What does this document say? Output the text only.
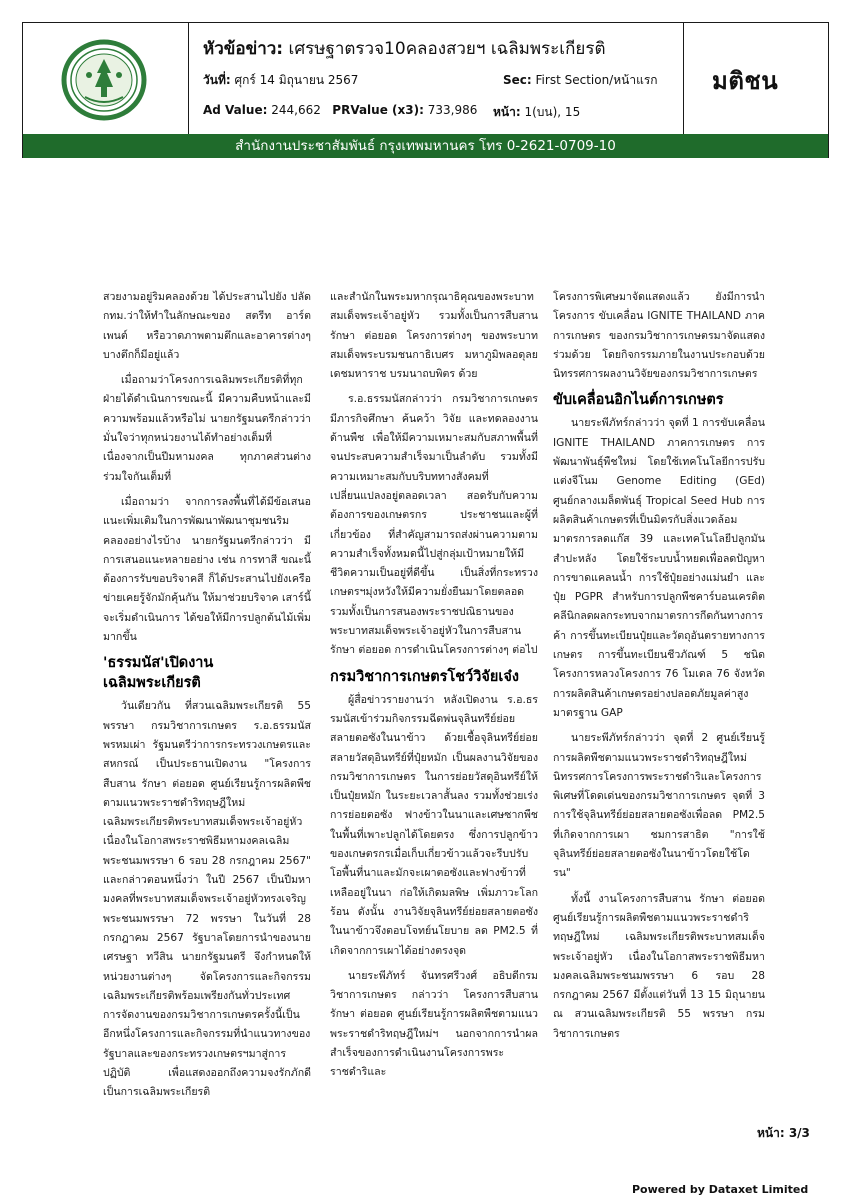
หัวข้อข่าว: เศรษฐาตรวจ10คลองสวยฯ เฉลิมพระเกียรติ
วันที่: ศุกร์ 14 มิถุนายน 2567	Sec: First Section/หน้าแรก
Ad Value: 244,662 PRValue (x3): 733,986 หน้า: 1(บน), 15
มติชน
สำนักงานประชาสัมพันธ์ กรุงเทพมหานคร โทร 0-2621-0709-10

สวยงามอยู่ริมคลองด้วย ได้ประสานไปยัง ปลัด กทม.ว่าให้ทำในลักษณะของ สตรีท อาร์ต เพนต์ หรือวาดภาพตามตึกและอาคารต่างๆ บางตึกก็มีอยู่แล้ว

เมื่อถามว่าโครงการเฉลิมพระเกียรติที่ทุกฝ่ายได้ดำเนินการขณะนี้ มีความคืบหน้าและมีความพร้อมแล้วหรือไม่ นายกรัฐมนตรีกล่าวว่า มั่นใจว่าทุกหน่วยงานได้ทำอย่างเต็มที่ เนื่องจากเป็นปีมหามงคล ทุกภาคส่วนต่างร่วมใจกันเต็มที่

เมื่อถามว่า จากการลงพื้นที่ได้มีข้อเสนอแนะเพิ่มเติมในการพัฒนาพัฒนาชุมชนริมคลองอย่างไรบ้าง นายกรัฐมนตรีกล่าวว่า มีการเสนอแนะหลายอย่าง เช่น การทาสี ขณะนี้ต้องการรับขอบริจาคสี ก็ได้ประสานไปยังเครือข่ายเคยรู้จักมักคุ้นกัน ให้มาช่วยบริจาค เสาร์นี้จะเริ่มดำเนินการ ได้ขอให้มีการปลูกต้นไม้เพิ่มมากขึ้น

'ธรรมนัส'เปิดงานเฉลิมพระเกียรติ

วันเดียวกัน ที่สวนเฉลิมพระเกียรติ 55 พรรษา กรมวิชาการเกษตร ร.อ.ธรรมนัส พรหมเผ่า รัฐมนตรีว่าการกระทรวงเกษตรและสหกรณ์ เป็นประธานเปิดงาน "โครงการสืบสาน รักษา ต่อยอด ศูนย์เรียนรู้การผลิตพืชตามแนวพระราชดำริทฤษฎีใหม่ เฉลิมพระเกียรติพระบาทสมเด็จพระเจ้าอยู่หัว เนื่องในโอกาสพระราชพิธีมหามงคลเฉลิมพระชนมพรรษา 6 รอบ 28 กรกฎาคม 2567" และกล่าวตอนหนึ่งว่า ในปี 2567 เป็นปีมหามงคลที่พระบาทสมเด็จพระเจ้าอยู่หัวทรงเจริญพระชนมพรรษา 72 พรรษา ในวันที่ 28 กรกฎาคม 2567 รัฐบาลโดยการนำของนายเศรษฐา ทวีสิน นายกรัฐมนตรี จึงกำหนดให้หน่วยงานต่างๆ จัดโครงการและกิจกรรมเฉลิมพระเกียรติพร้อมเพรียงกันทั่วประเทศ การจัดงานของกรมวิชาการเกษตรครั้งนี้เป็นอีกหนึ่งโครงการและกิจกรรมที่นำแนวทางของรัฐบาลและของกระทรวงเกษตรฯมาสู่การปฏิบัติ เพื่อแสดงออกถึงความจงรักภักดี เป็นการเฉลิมพระเกียรติ

และสำนักในพระมหากรุณาธิคุณของพระบาทสมเด็จพระเจ้าอยู่หัว รวมทั้งเป็นการสืบสาน รักษา ต่อยอด โครงการต่างๆ ของพระบาทสมเด็จพระบรมชนกาธิเบศร มหาภูมิพลอดุลยเดชมหาราช บรมนาถบพิตร ด้วย

ร.อ.ธรรมนัสกล่าวว่า กรมวิชาการเกษตรมีภารกิจศึกษา ค้นคว้า วิจัย และทดลองงานด้านพืช เพื่อให้มีความเหมาะสมกับสภาพพื้นที่ จนประสบความสำเร็จมาเป็นลำดับ รวมทั้งมีความเหมาะสมกับบริบททางสังคมที่เปลี่ยนแปลงอยู่ตลอดเวลา สอดรับกับความต้องการของเกษตรกร ประชาชนและผู้ที่เกี่ยวข้อง ที่สำคัญสามารถส่งผ่านความตามความสำเร็จทั้งหมดนี้ไปสู่กลุ่มเป้าหมายให้มีชีวิตความเป็นอยู่ที่ดีขึ้น เป็นสิ่งที่กระทรวงเกษตรฯมุ่งหวังให้มีความยั่งยืนมาโดยตลอด รวมทั้งเป็นการสนองพระราชปณิธานของพระบาทสมเด็จพระเจ้าอยู่หัวในการสืบสาน รักษา ต่อยอด การดำเนินโครงการต่างๆ ต่อไป

กรมวิชาการเกษตรโชว์วิจัยเจ๋ง

ผู้สื่อข่าวรายงานว่า หลังเปิดงาน ร.อ.ธรรมนัสเข้าร่วมกิจกรรมฉีดพ่นจุลินทรีย์ย่อยสลายตอซังในนาข้าว ด้วยเชื้อจุลินทรีย์ย่อยสลายวัสดุอินทรีย์ที่ปุ๋ยหมัก เป็นผลงานวิจัยของกรมวิชาการเกษตร ในการย่อยวัสดุอินทรีย์ให้เป็นปุ๋ยหมัก ในระยะเวลาสั้นลง รวมทั้งช่วยเร่งการย่อยตอซัง ฟางข้าวในนาและเศษซากพืชในพื้นที่เพาะปลูกได้โดยตรง ซึ่งการปลูกข้าวของเกษตรกรเมื่อเก็บเกี่ยวข้าวแล้วจะรีบปรับโอพื้นที่นาและมักจะเผาตอซังและฟางข้าวที่เหลืออยู่ในนา ก่อให้เกิดมลพิษ เพิ่มภาวะโลกร้อน ดังนั้น งานวิจัยจุลินทรีย์ย่อยสลายตอซังในนาข้าวจึงตอบโจทย์นโยบาย ลด PM2.5 ที่เกิดจากการเผาได้อย่างตรงจุด

นายระพีภัทร์ จันทรศรีวงศ์ อธิบดีกรมวิชาการเกษตร กล่าวว่า โครงการสืบสาน รักษา ต่อยอด ศูนย์เรียนรู้การผลิตพืชตามแนวพระราชดำริทฤษฎีใหม่ฯ นอกจากการนำผลสำเร็จของการดำเนินงานโครงการพระราชดำริและ

โครงการพิเศษมาจัดแสดงแล้ว ยังมีการนำโครงการ ขับเคลื่อน IGNITE THAILAND ภาคการเกษตร ของกรมวิชาการเกษตรมาจัดแสดงร่วมด้วย โดยกิจกรรมภายในงานประกอบด้วยนิทรรศการผลงานวิจัยของกรมวิชาการเกษตร

ขับเคลื่อนอิกไนต์การเกษตร

นายระพีภัทร์กล่าวว่า จุดที่ 1 การขับเคลื่อน IGNITE THAILAND ภาคการเกษตร การพัฒนาพันธุ์พืชใหม่ โดยใช้เทคโนโลยีการปรับแต่งจีโนม Genome Editing (GEd) ศูนย์กลางเมล็ดพันธุ์ Tropical Seed Hub การผลิตสินค้าเกษตรที่เป็นมิตรกับสิ่งแวดล้อม มาตรการลดแก๊ส 39 และเทคโนโลยีปลูกมันสำปะหลัง โดยใช้ระบบน้ำหยดเพื่อลดปัญหาการขาดแคลนน้ำ การใช้ปุ๋ยอย่างแม่นยำ และปุ๋ย PGPR สำหรับการปลูกพืชคาร์บอนเครดิตคลีนิกลดผลกระทบจากมาตรการกีดกันทางการค้า การขึ้นทะเบียนปุ๋ยและวัตถุอันตรายทางการเกษตร การขึ้นทะเบียนชีวภัณฑ์ 5 ชนิด โครงการหลวงโครงการ 76 โมเดล 76 จังหวัดการผลิตสินค้าเกษตรอย่างปลอดภัยมูลค่าสูงมาตรฐาน GAP

นายระพีภัทร์กล่าวว่า จุดที่ 2 ศูนย์เรียนรู้การผลิตพืชตามแนวพระราชดำริทฤษฎีใหม่ นิทรรศการโครงการพระราชดำริและโครงการพิเศษที่โดดเด่นของกรมวิชาการเกษตร จุดที่ 3 การใช้จุลินทรีย์ย่อยสลายตอซังเพื่อลด PM2.5 ที่เกิดจากการเผา ชมการสาธิต "การใช้จุลินทรีย์ย่อยสลายตอซังในนาข้าวโดยใช้โดรน"

ทั้งนี้ งานโครงการสืบสาน รักษา ต่อยอด ศูนย์เรียนรู้การผลิตพืชตามแนวพระราชดำริทฤษฎีใหม่ เฉลิมพระเกียรติพระบาทสมเด็จพระเจ้าอยู่หัว เนื่องในโอกาสพระราชพิธีมหามงคลเฉลิมพระชนมพรรษา 6 รอบ 28 กรกฎาคม 2567 มีตั้งแต่วันที่ 13 15 มิถุนายน ณ สวนเฉลิมพระเกียรติ 55 พรรษา กรมวิชาการเกษตร

หน้า: 3/3
Powered by Dataxet Limited
